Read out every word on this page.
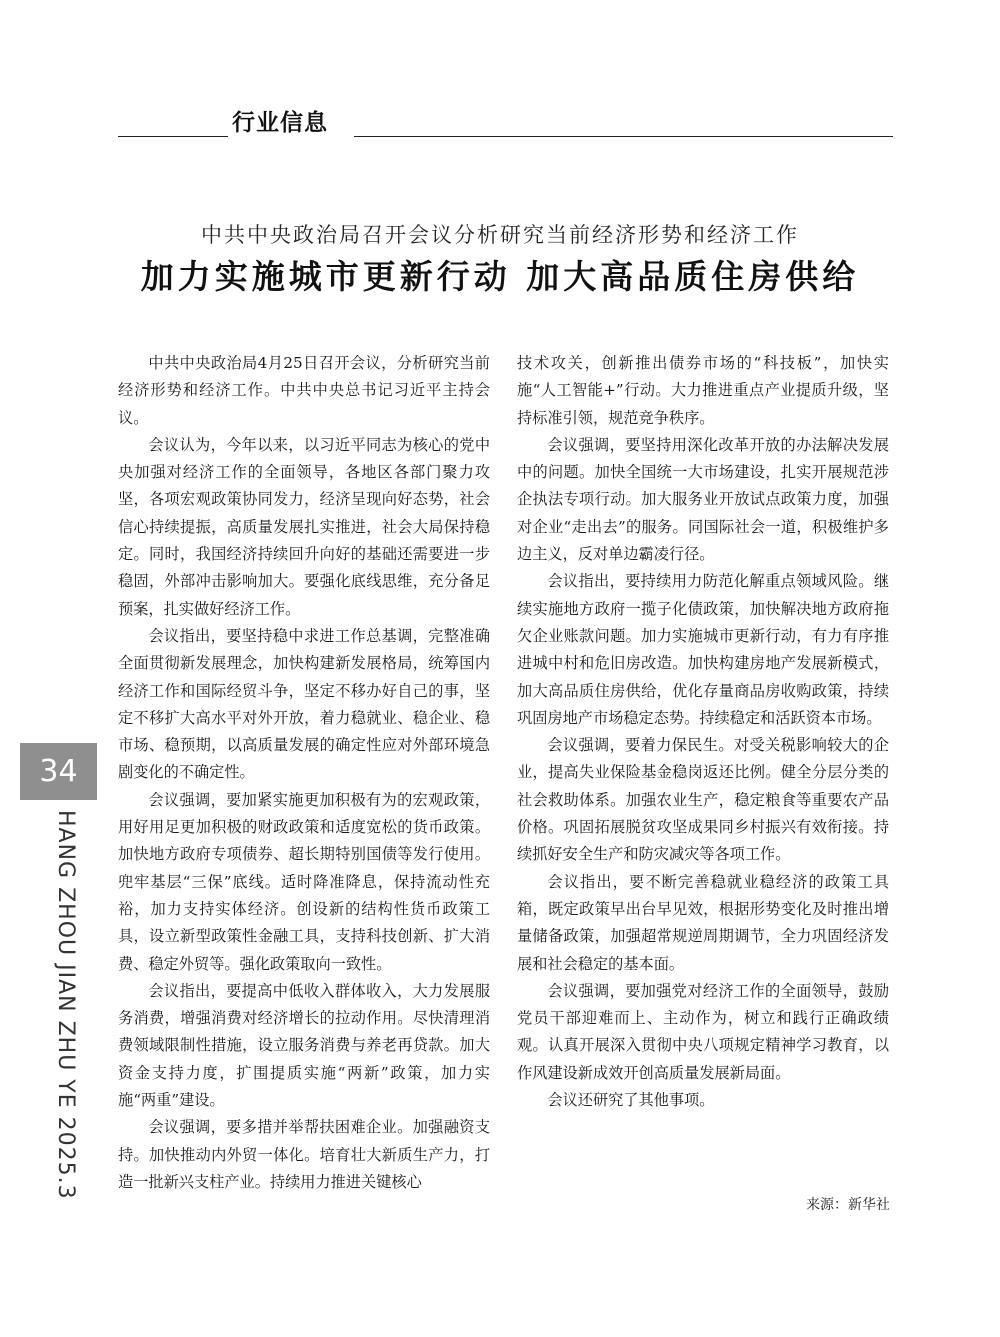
行业信息
中共中央政治局召开会议分析研究当前经济形势和经济工作
加力实施城市更新行动 加大高品质住房供给

中共中央政治局4月25日召开会议，分析研究当前经济形势和经济工作。中共中央总书记习近平主持会议。

会议认为，今年以来，以习近平同志为核心的党中央加强对经济工作的全面领导，各地区各部门聚力攻坚，各项宏观政策协同发力，经济呈现向好态势，社会信心持续提振，高质量发展扎实推进，社会大局保持稳定。同时，我国经济持续回升向好的基础还需要进一步稳固，外部冲击影响加大。要强化底线思维，充分备足预案，扎实做好经济工作。

会议指出，要坚持稳中求进工作总基调，完整准确全面贯彻新发展理念，加快构建新发展格局，统筹国内经济工作和国际经贸斗争，坚定不移办好自己的事，坚定不移扩大高水平对外开放，着力稳就业、稳企业、稳市场、稳预期，以高质量发展的确定性应对外部环境急剧变化的不确定性。

会议强调，要加紧实施更加积极有为的宏观政策，用好用足更加积极的财政政策和适度宽松的货币政策。加快地方政府专项债券、超长期特别国债等发行使用。兜牢基层“三保”底线。适时降准降息，保持流动性充裕，加力支持实体经济。创设新的结构性货币政策工具，设立新型政策性金融工具，支持科技创新、扩大消费、稳定外贸等。强化政策取向一致性。

会议指出，要提高中低收入群体收入，大力发展服务消费，增强消费对经济增长的拉动作用。尽快清理消费领域限制性措施，设立服务消费与养老再贷款。加大资金支持力度，扩围提质实施“两新”政策，加力实施“两重”建设。

会议强调，要多措并举帮扶困难企业。加强融资支持。加快推动内外贸一体化。培育壮大新质生产力，打造一批新兴支柱产业。持续用力推进关键核心

技术攻关，创新推出债券市场的“科技板”，加快实施“人工智能+”行动。大力推进重点产业提质升级，坚持标准引领，规范竞争秩序。

会议强调，要坚持用深化改革开放的办法解决发展中的问题。加快全国统一大市场建设，扎实开展规范涉企执法专项行动。加大服务业开放试点政策力度，加强对企业“走出去”的服务。同国际社会一道，积极维护多边主义，反对单边霸凌行径。

会议指出，要持续用力防范化解重点领域风险。继续实施地方政府一揽子化债政策，加快解决地方政府拖欠企业账款问题。加力实施城市更新行动，有力有序推进城中村和危旧房改造。加快构建房地产发展新模式，加大高品质住房供给，优化存量商品房收购政策，持续巩固房地产市场稳定态势。持续稳定和活跃资本市场。

会议强调，要着力保民生。对受关税影响较大的企业，提高失业保险基金稳岗返还比例。健全分层分类的社会救助体系。加强农业生产，稳定粮食等重要农产品价格。巩固拓展脱贫攻坚成果同乡村振兴有效衔接。持续抓好安全生产和防灾减灾等各项工作。

会议指出，要不断完善稳就业稳经济的政策工具箱，既定政策早出台早见效，根据形势变化及时推出增量储备政策，加强超常规逆周期调节，全力巩固经济发展和社会稳定的基本面。

会议强调，要加强党对经济工作的全面领导，鼓励党员干部迎难而上、主动作为，树立和践行正确政绩观。认真开展深入贯彻中央八项规定精神学习教育，以作风建设新成效开创高质量发展新局面。

会议还研究了其他事项。

来源：新华社
34
HANG ZHOU JIAN ZHU YE 2025.3
